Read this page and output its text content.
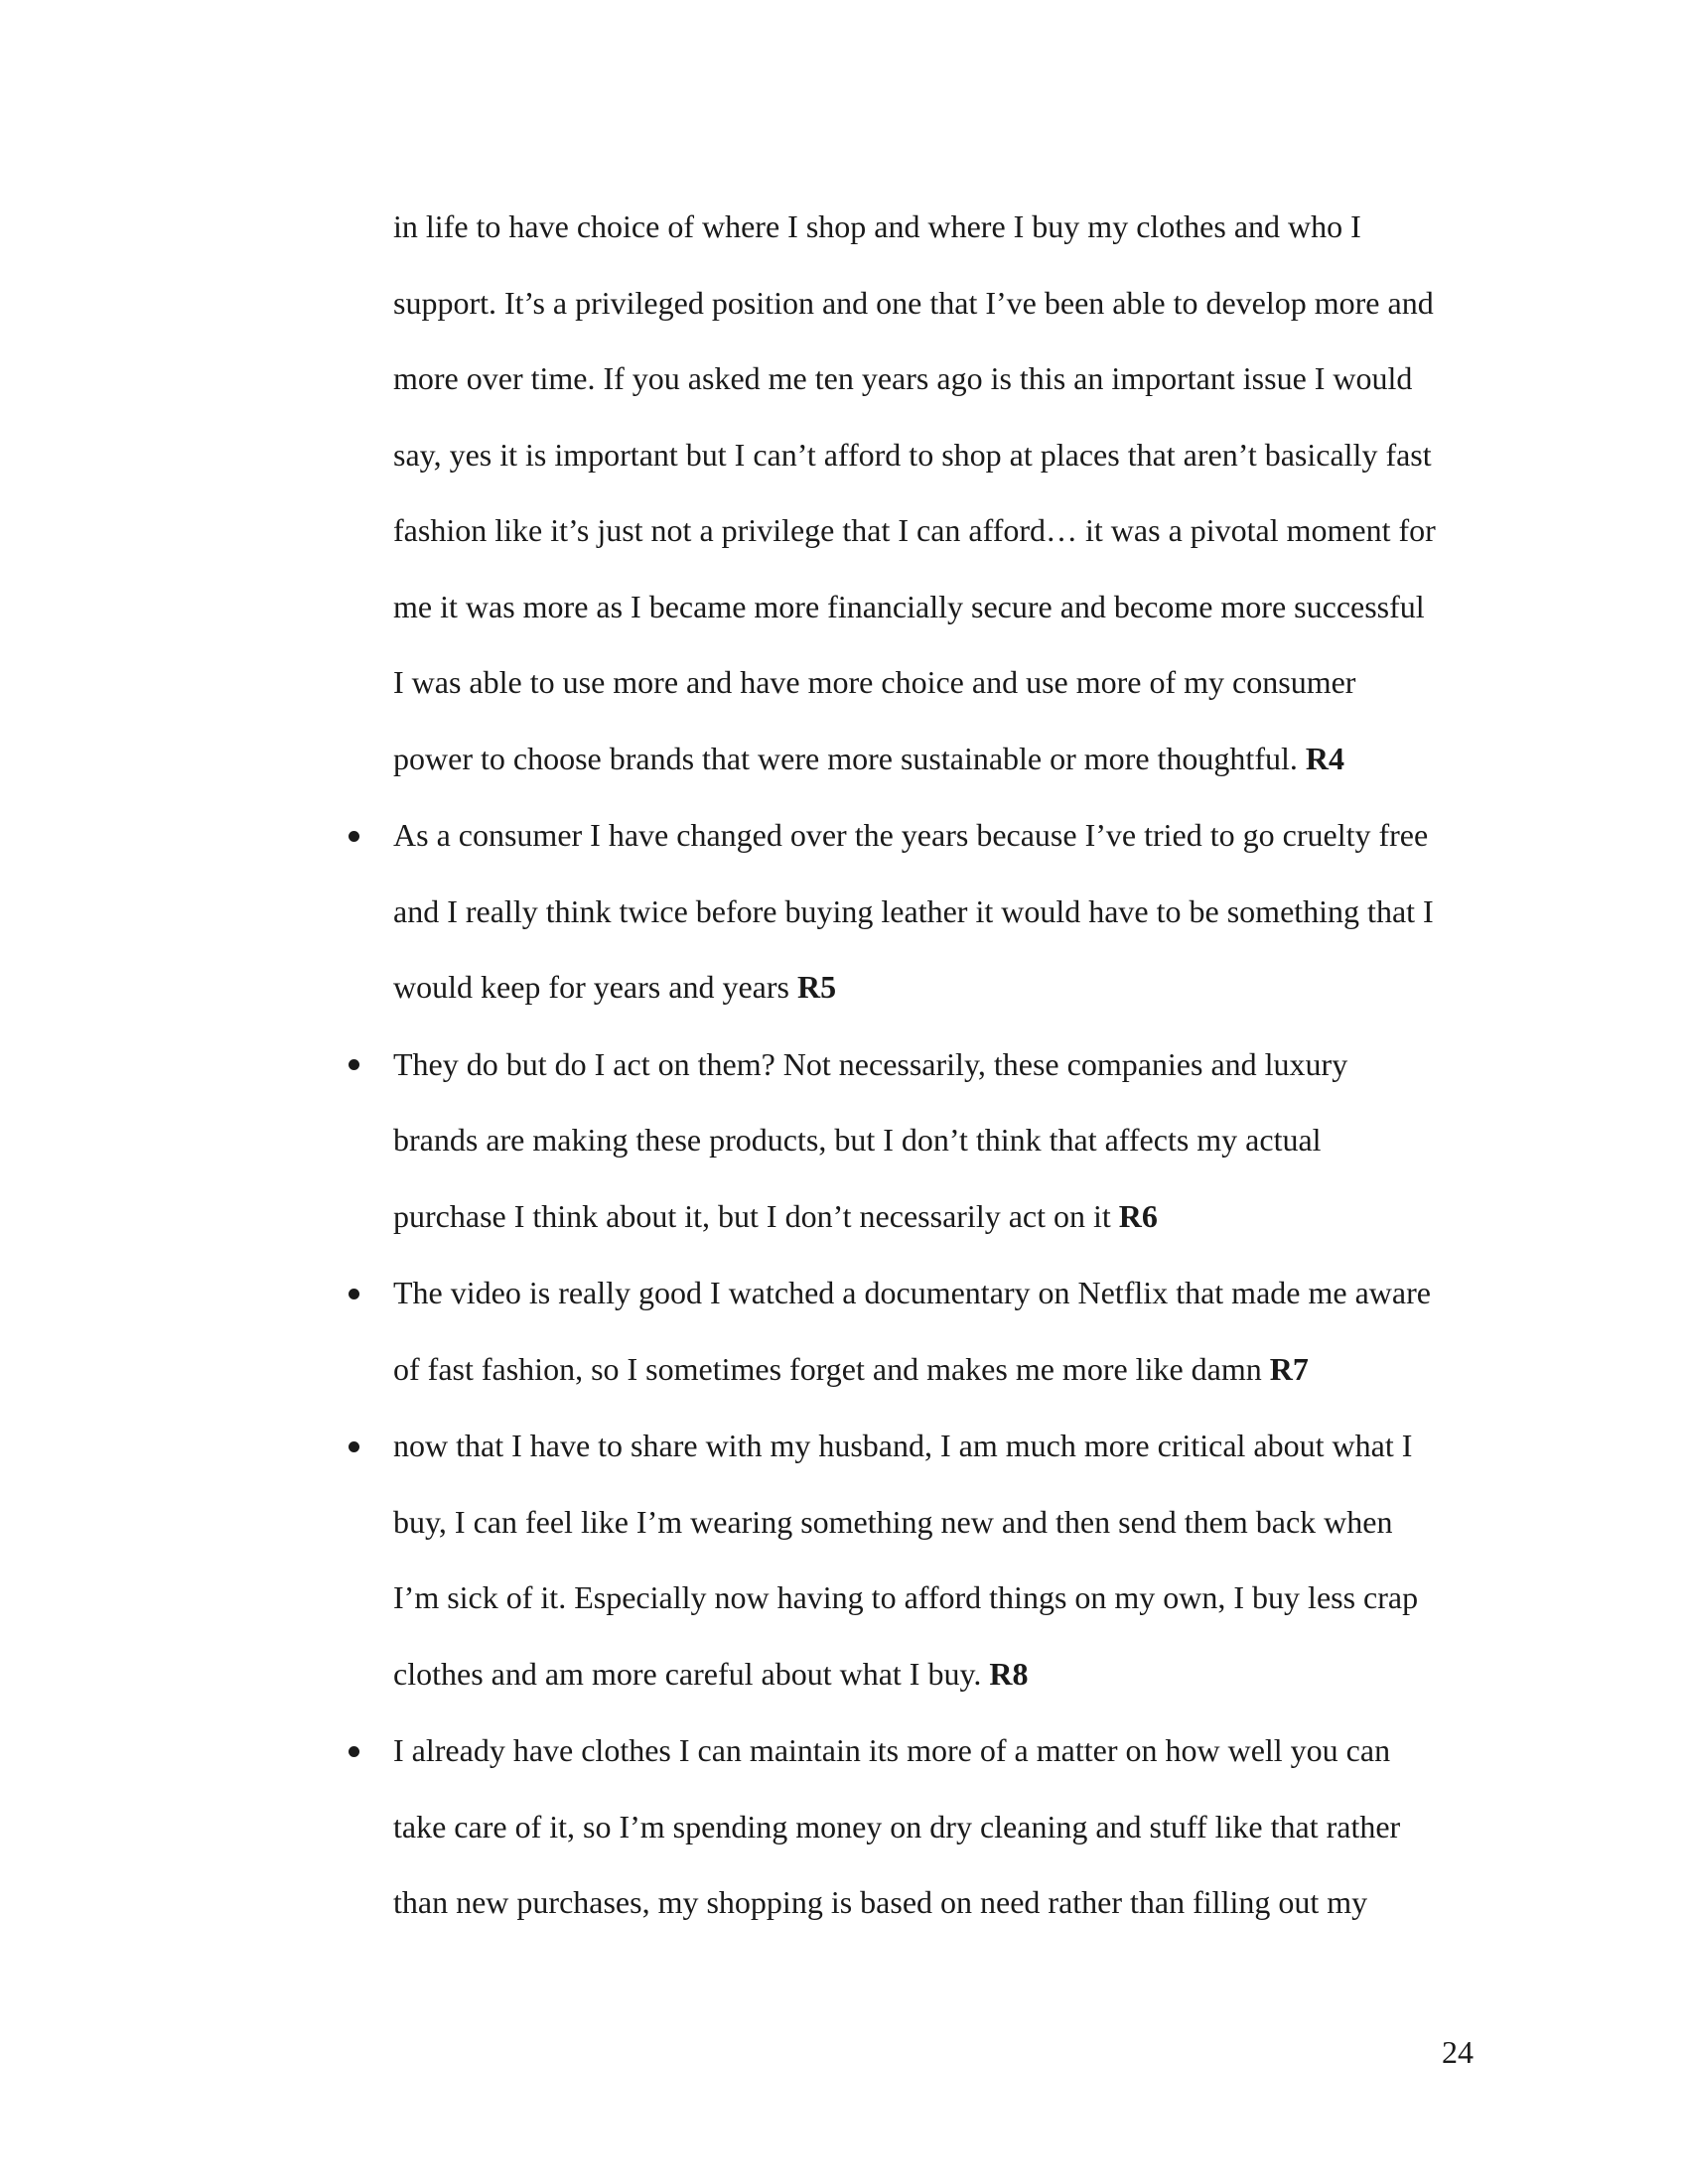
in life to have choice of where I shop and where I buy my clothes and who I
support. It’s a privileged position and one that I’ve been able to develop more and
more over time. If you asked me ten years ago is this an important issue I would
say, yes it is important but I can’t afford to shop at places that aren’t basically fast
fashion like it’s just not a privilege that I can afford… it was a pivotal moment for
me it was more as I became more financially secure and become more successful
I was able to use more and have more choice and use more of my consumer
power to choose brands that were more sustainable or more thoughtful. R4
As a consumer I have changed over the years because I’ve tried to go cruelty free
and I really think twice before buying leather it would have to be something that I
would keep for years and years R5
They do but do I act on them? Not necessarily, these companies and luxury
brands are making these products, but I don’t think that affects my actual
purchase I think about it, but I don’t necessarily act on it R6
The video is really good I watched a documentary on Netflix that made me aware
of fast fashion, so I sometimes forget and makes me more like damn R7
now that I have to share with my husband, I am much more critical about what I
buy, I can feel like I’m wearing something new and then send them back when
I’m sick of it. Especially now having to afford things on my own, I buy less crap
clothes and am more careful about what I buy. R8
I already have clothes I can maintain its more of a matter on how well you can
take care of it, so I’m spending money on dry cleaning and stuff like that rather
than new purchases, my shopping is based on need rather than filling out my
24
